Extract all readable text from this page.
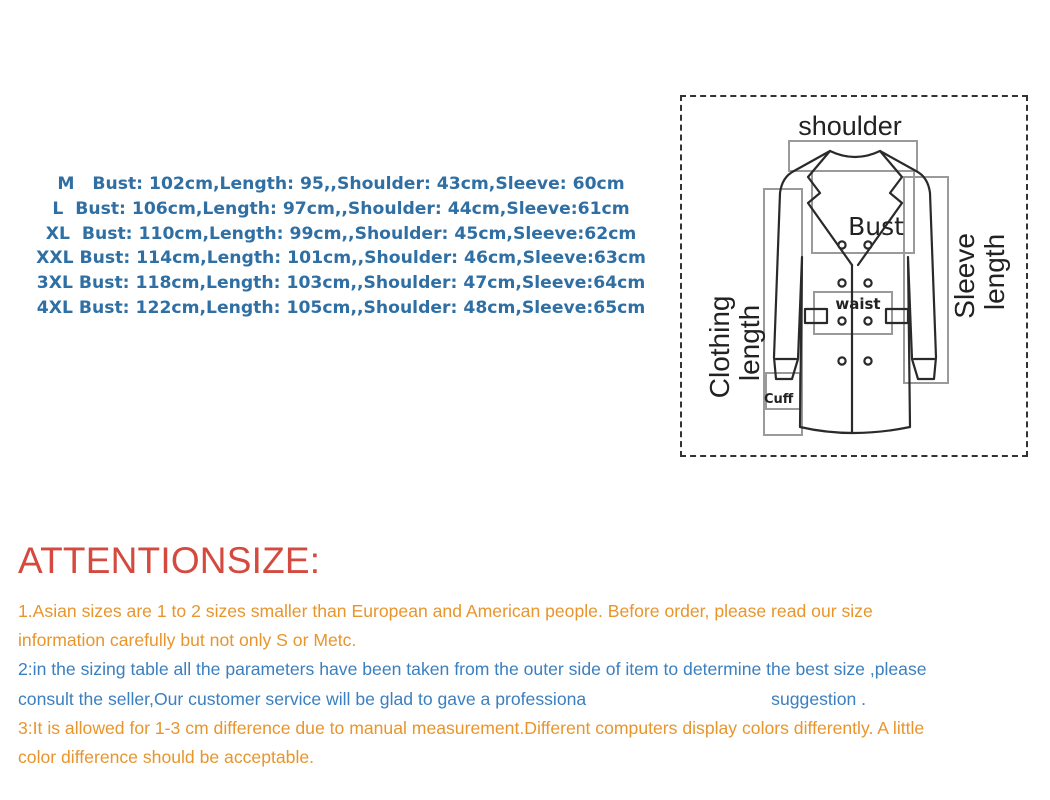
M Bust: 102cm,Length: 95,,Shoulder: 43cm,Sleeve: 60cm
L Bust: 106cm,Length: 97cm,,Shoulder: 44cm,Sleeve:61cm
XL Bust: 110cm,Length: 99cm,,Shoulder: 45cm,Sleeve:62cm
XXL Bust: 114cm,Length: 101cm,,Shoulder: 46cm,Sleeve:63cm
3XL Bust: 118cm,Length: 103cm,,Shoulder: 47cm,Sleeve:64cm
4XL Bust: 122cm,Length: 105cm,,Shoulder: 48cm,Sleeve:65cm
shoulder
Bust
waist
Cuff
Clothing length
Sleeve length
ATTENTIONSIZE:
1.Asian sizes are 1 to 2 sizes smaller than European and American people. Before order, please read our size
information carefully but not only S or Metc.
2:in the sizing table all the parameters have been taken from the outer side of item to determine the best size ,please
consult the seller,Our customer service will be glad to gave a professiona	suggestion .
3:It is allowed for 1-3 cm difference due to manual measurement.Different computers display colors differently. A little
color difference should be acceptable.
